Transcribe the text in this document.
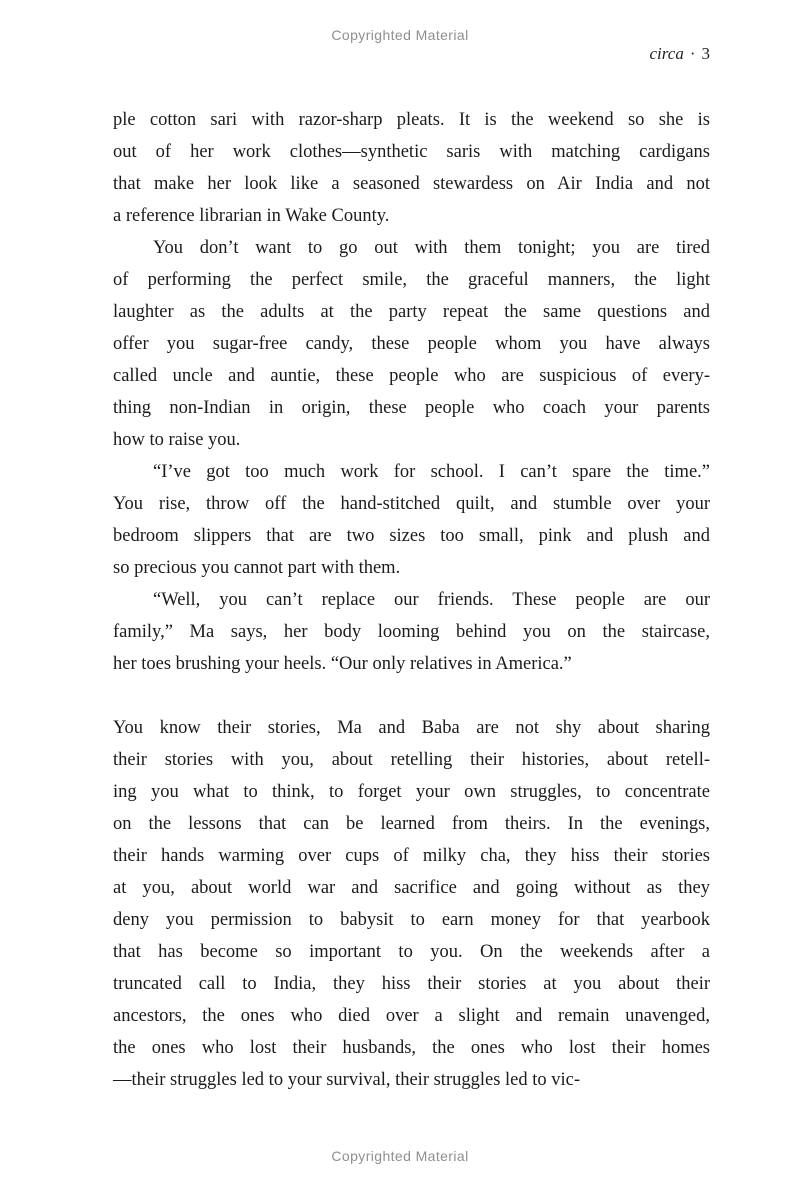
Copyrighted Material
circa · 3
ple cotton sari with razor-sharp pleats. It is the weekend so she is
out of her work clothes—synthetic saris with matching cardigans
that make her look like a seasoned stewardess on Air India and not
a reference librarian in Wake County.
You don’t want to go out with them tonight; you are tired
of performing the perfect smile, the graceful manners, the light
laughter as the adults at the party repeat the same questions and
offer you sugar-free candy, these people whom you have always
called uncle and auntie, these people who are suspicious of every-
thing non-Indian in origin, these people who coach your parents
how to raise you.
“I’ve got too much work for school. I can’t spare the time.”
You rise, throw off the hand-stitched quilt, and stumble over your
bedroom slippers that are two sizes too small, pink and plush and
so precious you cannot part with them.
“Well, you can’t replace our friends. These people are our
family,” Ma says, her body looming behind you on the staircase,
her toes brushing your heels. “Our only relatives in America.”
You know their stories, Ma and Baba are not shy about sharing
their stories with you, about retelling their histories, about retell-
ing you what to think, to forget your own struggles, to concentrate
on the lessons that can be learned from theirs. In the evenings,
their hands warming over cups of milky cha, they hiss their stories
at you, about world war and sacrifice and going without as they
deny you permission to babysit to earn money for that yearbook
that has become so important to you. On the weekends after a
truncated call to India, they hiss their stories at you about their
ancestors, the ones who died over a slight and remain unavenged,
the ones who lost their husbands, the ones who lost their homes
—their struggles led to your survival, their struggles led to vic-
Copyrighted Material
